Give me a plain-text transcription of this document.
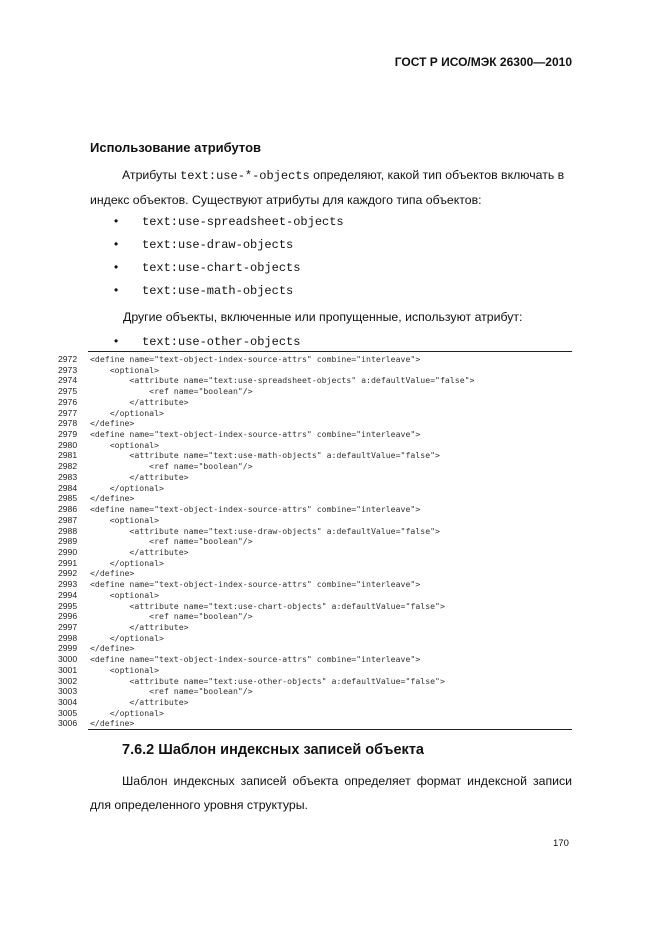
ГОСТ Р ИСО/МЭК 26300—2010
Использование атрибутов

Атрибуты text:use-*-objects определяют, какой тип объектов включать в

индекс объектов. Существуют атрибуты для каждого типа объектов:

• text:use-spreadsheet-objects
• text:use-draw-objects
• text:use-chart-objects
• text:use-math-objects
Другие объекты, включенные или пропущенные, используют атрибут:
• text:use-other-objects
2972	<define name="text-object-index-source-attrs" combine="interleave">
2973	<optional>
2974	<attribute name="text:use-spreadsheet-objects" a:defaultValue="false">
2975	<ref name="boolean"/>
2976	</attribute>
2977	</optional>
2978	</define>
2979	<define name="text-object-index-source-attrs" combine="interleave">
2980	<optional>
2981	<attribute name="text:use-math-objects" a:defaultValue="false">
2982	<ref name="boolean"/>
2983	</attribute>
2984	</optional>
2985	</define>
2986	<define name="text-object-index-source-attrs" combine="interleave">
2987	<optional>
2988	<attribute name="text:use-draw-objects" a:defaultValue="false">
2989	<ref name="boolean"/>
2990	</attribute>
2991	</optional>
2992	</define>
2993	<define name="text-object-index-source-attrs" combine="interleave">
2994	<optional>
2995	<attribute name="text:use-chart-objects" a:defaultValue="false">
2996	<ref name="boolean"/>
2997	</attribute>
2998	</optional>
2999	</define>
3000	<define name="text-object-index-source-attrs" combine="interleave">
3001	<optional>
3002	<attribute name="text:use-other-objects" a:defaultValue="false">
3003	<ref name="boolean"/>
3004	</attribute>
3005	</optional>
3006	</define>
7.6.2 Шаблон индексных записей объекта

Шаблон индексных записей объекта определяет формат индексной записи

для определенного уровня структуры.

170
